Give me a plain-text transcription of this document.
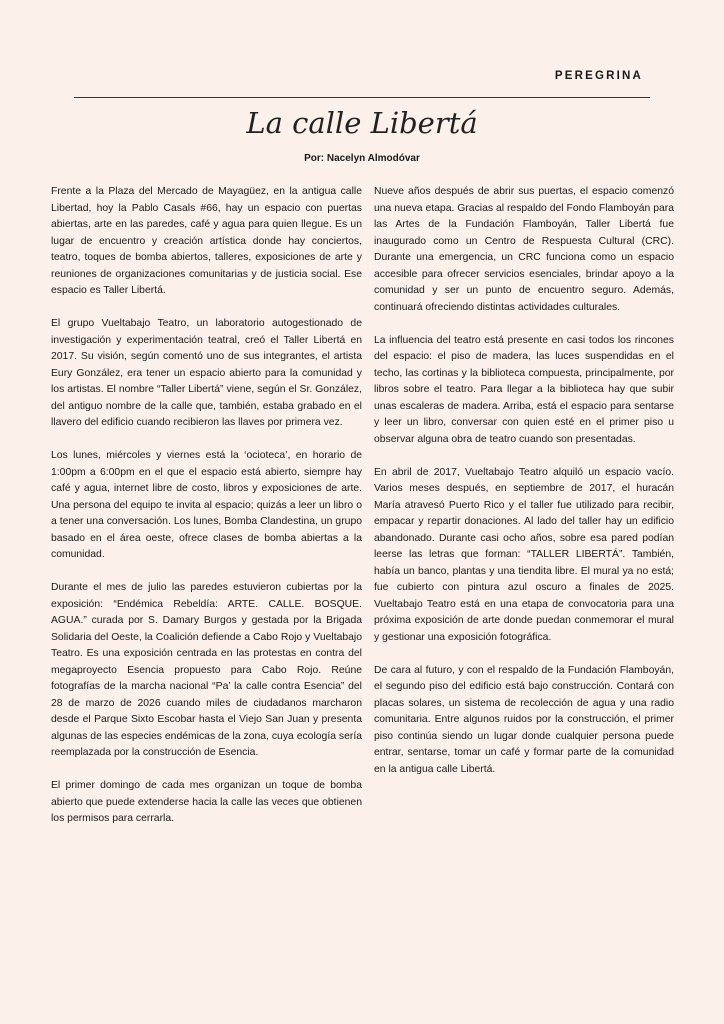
PEREGRINA
La calle Libertá
Por: Nacelyn Almodóvar

Frente a la Plaza del Mercado de Mayagüez, en la antigua calle Libertad, hoy la Pablo Casals #66, hay un espacio con puertas abiertas, arte en las paredes, café y agua para quien llegue. Es un lugar de encuentro y creación artística donde hay conciertos, teatro, toques de bomba abiertos, talleres, exposiciones de arte y reuniones de organizaciones comunitarias y de justicia social. Ese espacio es Taller Libertá.

El grupo Vueltabajo Teatro, un laboratorio autogestionado de investigación y experimentación teatral, creó el Taller Libertá en 2017. Su visión, según comentó uno de sus integrantes, el artista Eury González, era tener un espacio abierto para la comunidad y los artistas. El nombre “Taller Libertá” viene, según el Sr. González, del antiguo nombre de la calle que, también, estaba grabado en el llavero del edificio cuando recibieron las llaves por primera vez.

Los lunes, miércoles y viernes está la ‘ocioteca’, en horario de 1:00pm a 6:00pm en el que el espacio está abierto, siempre hay café y agua, internet libre de costo, libros y exposiciones de arte. Una persona del equipo te invita al espacio; quizás a leer un libro o a tener una conversación. Los lunes, Bomba Clandestina, un grupo basado en el área oeste, ofrece clases de bomba abiertas a la comunidad.

Durante el mes de julio las paredes estuvieron cubiertas por la exposición: “Endémica Rebeldía: ARTE. CALLE. BOSQUE. AGUA.” curada por S. Damary Burgos y gestada por la Brigada Solidaria del Oeste, la Coalición defiende a Cabo Rojo y Vueltabajo Teatro. Es una exposición centrada en las protestas en contra del megaproyecto Esencia propuesto para Cabo Rojo. Reúne fotografías de la marcha nacional “Pa’ la calle contra Esencia” del 28 de marzo de 2026 cuando miles de ciudadanos marcharon desde el Parque Sixto Escobar hasta el Viejo San Juan y presenta algunas de las especies endémicas de la zona, cuya ecología sería reemplazada por la construcción de Esencia.

El primer domingo de cada mes organizan un toque de bomba abierto que puede extenderse hacia la calle las veces que obtienen los permisos para cerrarla.

Nueve años después de abrir sus puertas, el espacio comenzó una nueva etapa. Gracias al respaldo del Fondo Flamboyán para las Artes de la Fundación Flamboyán, Taller Libertá fue inaugurado como un Centro de Respuesta Cultural (CRC). Durante una emergencia, un CRC funciona como un espacio accesible para ofrecer servicios esenciales, brindar apoyo a la comunidad y ser un punto de encuentro seguro. Además, continuará ofreciendo distintas actividades culturales.

La influencia del teatro está presente en casi todos los rincones del espacio: el piso de madera, las luces suspendidas en el techo, las cortinas y la biblioteca compuesta, principalmente, por libros sobre el teatro. Para llegar a la biblioteca hay que subir unas escaleras de madera. Arriba, está el espacio para sentarse y leer un libro, conversar con quien esté en el primer piso u observar alguna obra de teatro cuando son presentadas.

En abril de 2017, Vueltabajo Teatro alquiló un espacio vacío. Varios meses después, en septiembre de 2017, el huracán María atravesó Puerto Rico y el taller fue utilizado para recibir, empacar y repartir donaciones. Al lado del taller hay un edificio abandonado. Durante casi ocho años, sobre esa pared podían leerse las letras que forman: “TALLER LIBERTÁ”. También, había un banco, plantas y una tiendita libre. El mural ya no está; fue cubierto con pintura azul oscuro a finales de 2025. Vueltabajo Teatro está en una etapa de convocatoria para una próxima exposición de arte donde puedan conmemorar el mural y gestionar una exposición fotográfica.

De cara al futuro, y con el respaldo de la Fundación Flamboyán, el segundo piso del edificio está bajo construcción. Contará con placas solares, un sistema de recolección de agua y una radio comunitaria. Entre algunos ruidos por la construcción, el primer piso continúa siendo un lugar donde cualquier persona puede entrar, sentarse, tomar un café y formar parte de la comunidad en la antigua calle Libertá.
